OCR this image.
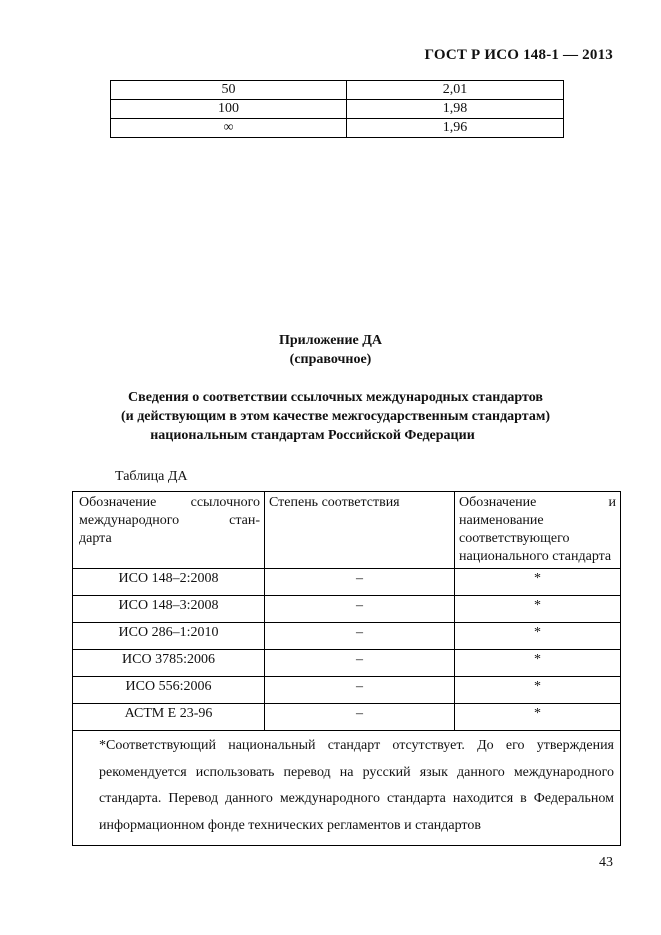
ГОСТ Р ИСО 148-1 — 2013
50	2,01
100	1,98
∞	1,96
Приложение ДА
(справочное)
Сведения о соответствии ссылочных международных стандартов
(и действующим в этом качестве межгосударственным стандартам)
национальным стандартам Российской Федерации
Таблица ДА
Обозначение ссылочного международного стан-
дарта	Степень соответствия	Обозначение и наименование соответствующего национального стандарта
ИСО 148–2:2008	–	*
ИСО 148–3:2008	–	*
ИСО 286–1:2010	–	*
ИСО 3785:2006	–	*
ИСО 556:2006	–	*
АСТМ Е 23-96	–	*
*Соответствующий национальный стандарт отсутствует. До его утверждения рекомендуется использовать перевод на русский язык данного международного стандарта. Перевод данного международного стандарта находится в Федеральном информационном фонде технических регламентов и стандартов		
43
